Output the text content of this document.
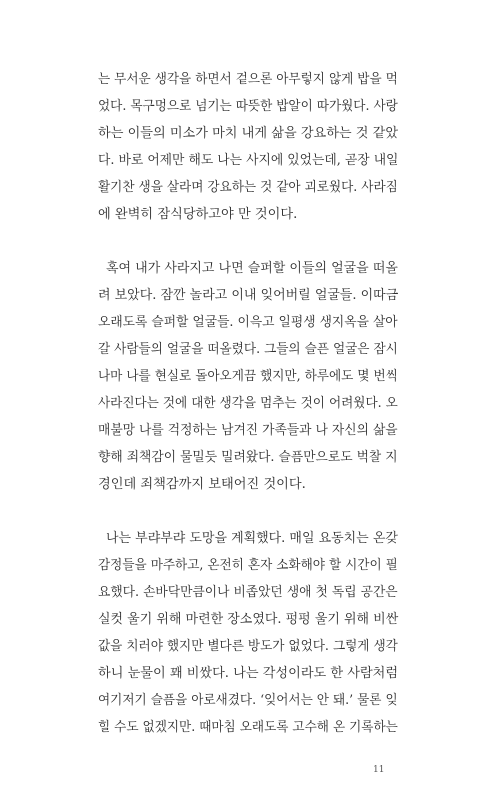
는 무서운 생각을 하면서 겉으론 아무렇지 않게 밥을 먹
었다. 목구멍으로 넘기는 따뜻한 밥알이 따가웠다. 사랑
하는 이들의 미소가 마치 내게 삶을 강요하는 것 같았
다. 바로 어제만 해도 나는 사지에 있었는데, 곧장 내일
활기찬 생을 살라며 강요하는 것 같아 괴로웠다. 사라짐
에 완벽히 잠식당하고야 만 것이다.
혹여 내가 사라지고 나면 슬퍼할 이들의 얼굴을 떠올
려 보았다. 잠깐 놀라고 이내 잊어버릴 얼굴들. 이따금
오래도록 슬퍼할 얼굴들. 이윽고 일평생 생지옥을 살아
갈 사람들의 얼굴을 떠올렸다. 그들의 슬픈 얼굴은 잠시
나마 나를 현실로 돌아오게끔 했지만, 하루에도 몇 번씩
사라진다는 것에 대한 생각을 멈추는 것이 어려웠다. 오
매불망 나를 걱정하는 남겨진 가족들과 나 자신의 삶을
향해 죄책감이 물밀듯 밀려왔다. 슬픔만으로도 벅찰 지
경인데 죄책감까지 보태어진 것이다.
나는 부랴부랴 도망을 계획했다. 매일 요동치는 온갖
감정들을 마주하고, 온전히 혼자 소화해야 할 시간이 필
요했다. 손바닥만큼이나 비좁았던 생애 첫 독립 공간은
실컷 울기 위해 마련한 장소였다. 펑펑 울기 위해 비싼
값을 치러야 했지만 별다른 방도가 없었다. 그렇게 생각
하니 눈물이 꽤 비쌌다. 나는 각성이라도 한 사람처럼
여기저기 슬픔을 아로새겼다. ‘잊어서는 안 돼.’ 물론 잊
힐 수도 없겠지만. 때마침 오래도록 고수해 온 기록하는
11
